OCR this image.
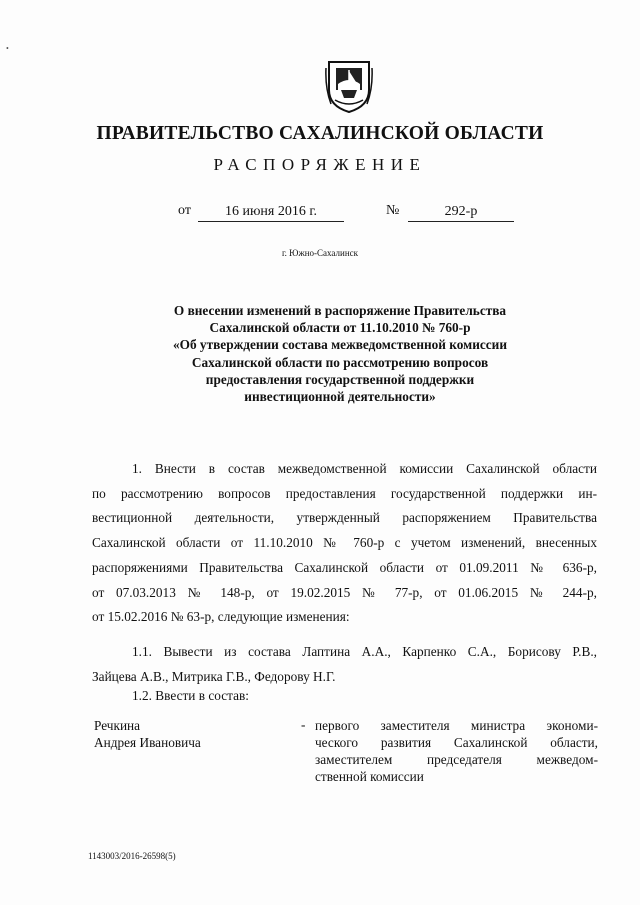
•
ПРАВИТЕЛЬСТВО САХАЛИНСКОЙ ОБЛАСТИ
РАСПОРЯЖЕНИЕ
от	16 июня 2016 г.	№	292-р
г. Южно-Сахалинск
О внесении изменений в распоряжение Правительства
Сахалинской области от 11.10.2010 № 760-р
«Об утверждении состава межведомственной комиссии
Сахалинской области по рассмотрению вопросов
предоставления государственной поддержки
инвестиционной деятельности»
1. Внести в состав межведомственной комиссии Сахалинской области
по рассмотрению вопросов предоставления государственной поддержки ин-
вестиционной деятельности, утвержденный распоряжением Правительства
Сахалинской области от 11.10.2010 № 760-р с учетом изменений, внесенных
распоряжениями Правительства Сахалинской области от 01.09.2011 № 636-р,
от 07.03.2013 № 148-р, от 19.02.2015 № 77-р, от 01.06.2015 № 244-р,
от 15.02.2016 № 63-р, следующие изменения:
1.1. Вывести из состава Лаптина А.А., Карпенко С.А., Борисову Р.В.,
Зайцева А.В., Митрика Г.В., Федорову Н.Г.
1.2. Ввести в состав:
Речкина
Андрея Ивановича
- первого заместителя министра экономи-
ческого развития Сахалинской области,
заместителем председателя межведом-
ственной комиссии
1143003/2016-26598(5)
